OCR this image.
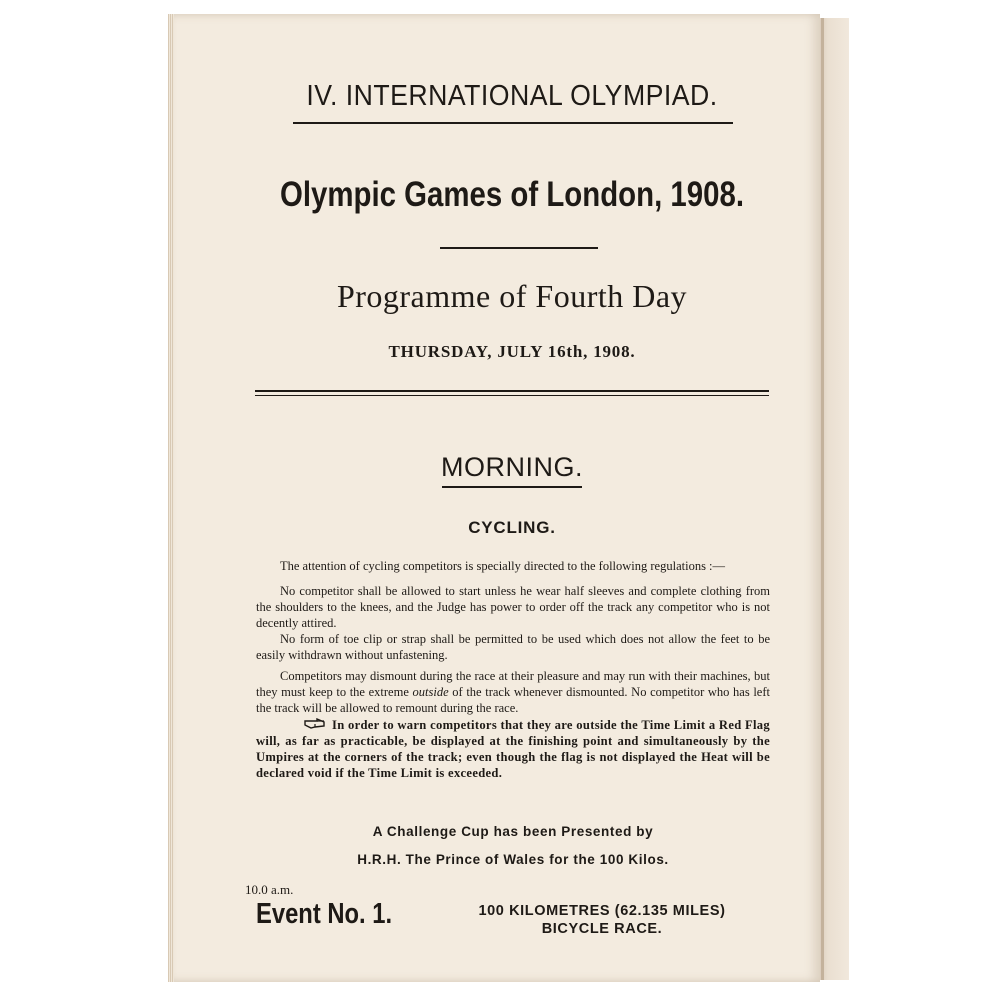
IV. INTERNATIONAL OLYMPIAD.
Olympic Games of London, 1908.
Programme of Fourth Day
THURSDAY, JULY 16th, 1908.
MORNING.
CYCLING.
The attention of cycling competitors is specially directed to the following regulations :—
No competitor shall be allowed to start unless he wear half sleeves and complete clothing from the shoulders to the knees, and the Judge has power to order off the track any competitor who is not decently attired.
No form of toe clip or strap shall be permitted to be used which does not allow the feet to be easily withdrawn without unfastening.
Competitors may dismount during the race at their pleasure and may run with their machines, but they must keep to the extreme outside of the track whenever dismounted. No competitor who has left the track will be allowed to remount during the race.
In order to warn competitors that they are outside the Time Limit a Red Flag will, as far as practicable, be displayed at the finishing point and simultaneously by the Umpires at the corners of the track; even though the flag is not displayed the Heat will be declared void if the Time Limit is exceeded.
A Challenge Cup has been Presented by
H.R.H. The Prince of Wales for the 100 Kilos.
10.0 a.m.
Event No. 1.	100 KILOMETRES (62.135 MILES)
BICYCLE RACE.
